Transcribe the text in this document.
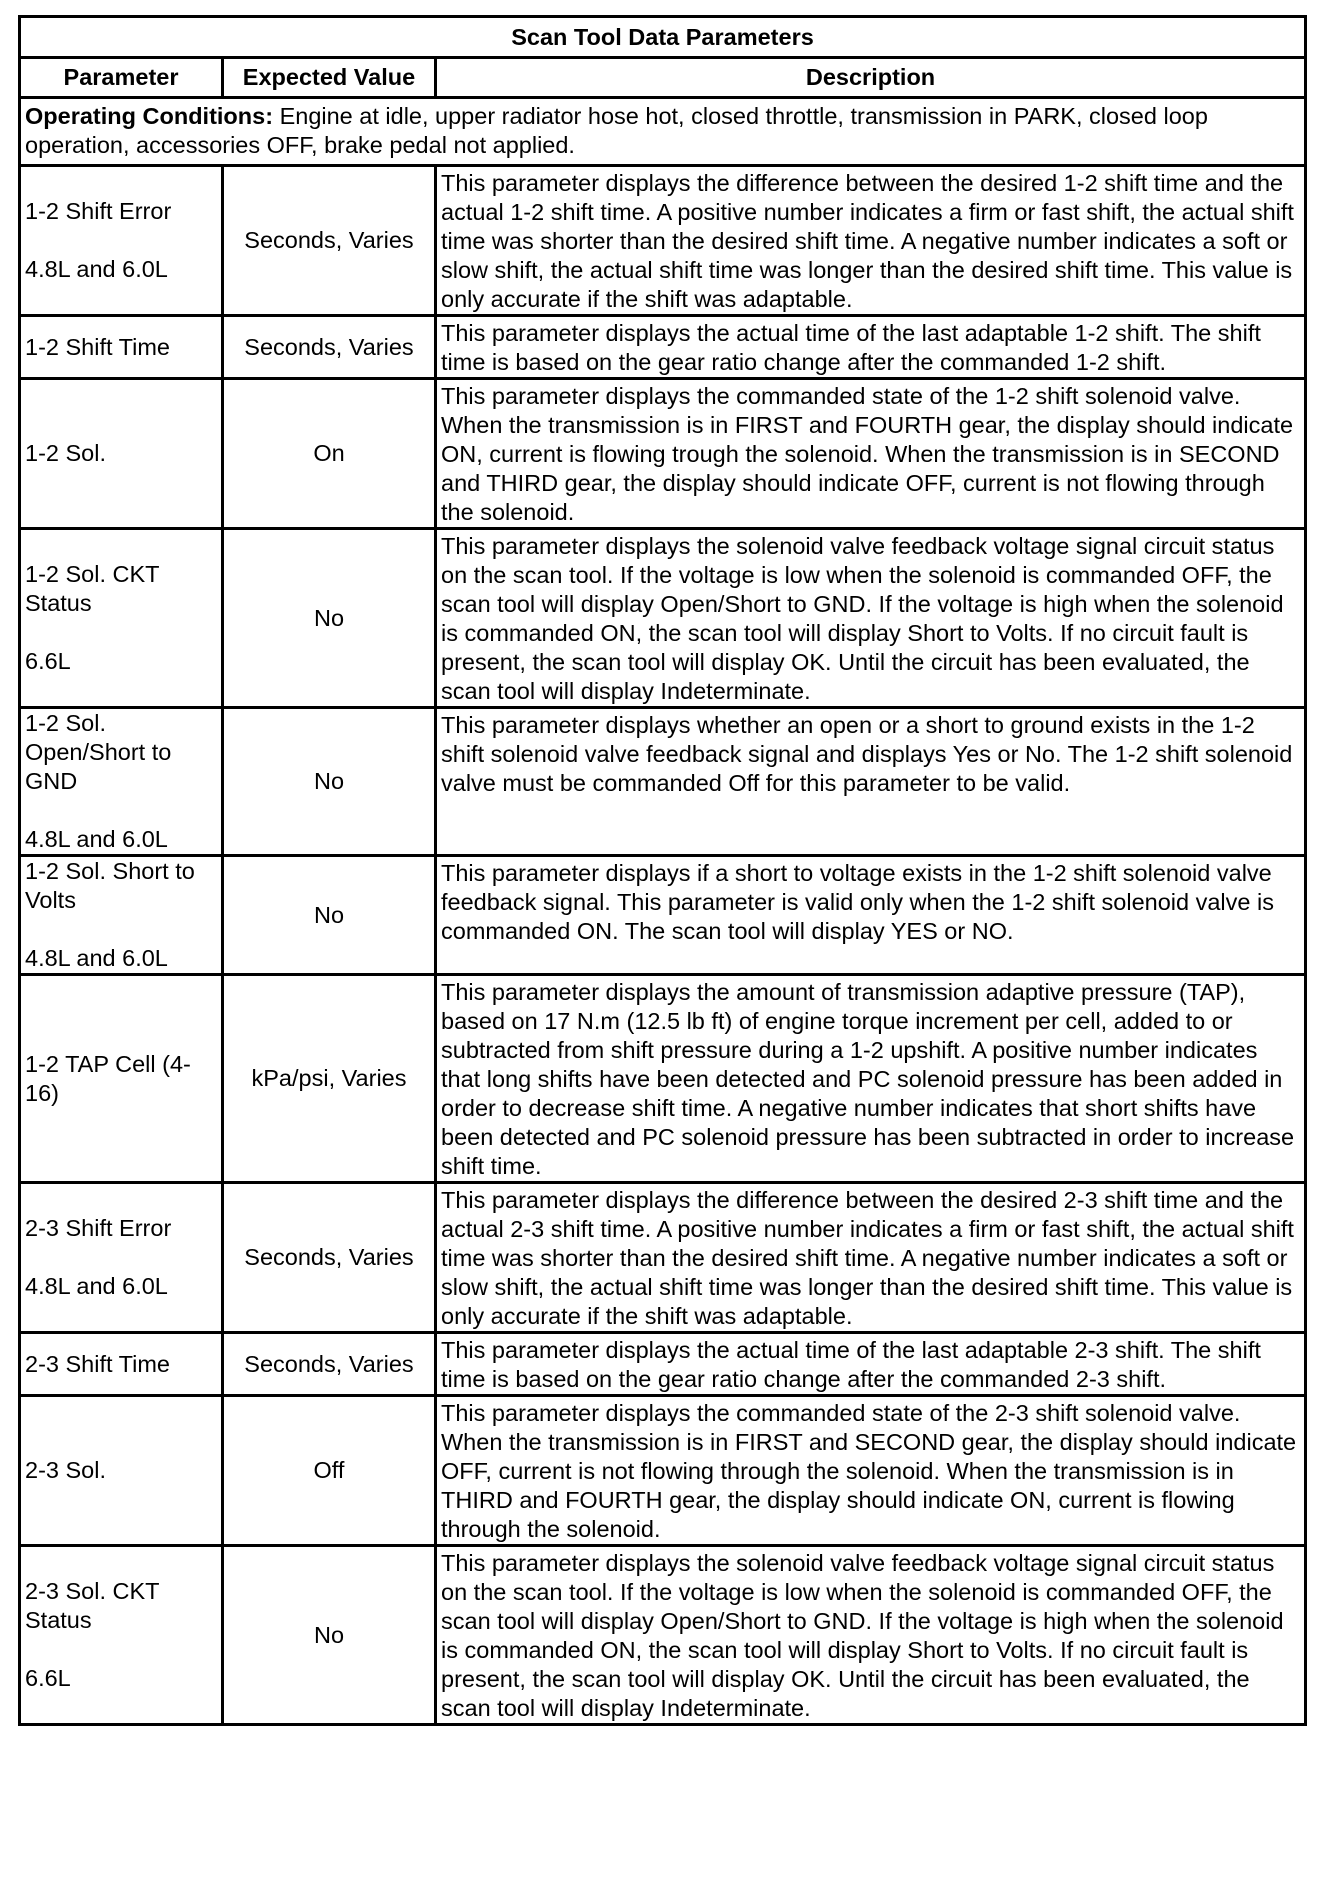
Scan Tool Data Parameters		
Parameter	Expected Value	Description
Operating Conditions: Engine at idle, upper radiator hose hot, closed throttle, transmission in PARK, closed loop operation, accessories OFF, brake pedal not applied.		

1-2 Shift Error
4.8L and 6.0L	Seconds, Varies	This parameter displays the difference between the desired 1-2 shift time and the actual 1-2 shift time. A positive number indicates a firm or fast shift, the actual shift time was shorter than the desired shift time. A negative number indicates a soft or slow shift, the actual shift time was longer than the desired shift time. This value is only accurate if the shift was adaptable.

1-2 Shift Time	Seconds, Varies	This parameter displays the actual time of the last adaptable 1-2 shift. The shift time is based on the gear ratio change after the commanded 1-2 shift.

1-2 Sol.	On	This parameter displays the commanded state of the 1-2 shift solenoid valve. When the transmission is in FIRST and FOURTH gear, the display should indicate ON, current is flowing trough the solenoid. When the transmission is in SECOND and THIRD gear, the display should indicate OFF, current is not flowing through the solenoid.

1-2 Sol. CKT Status
6.6L	No	This parameter displays the solenoid valve feedback voltage signal circuit status on the scan tool. If the voltage is low when the solenoid is commanded OFF, the scan tool will display Open/Short to GND. If the voltage is high when the solenoid is commanded ON, the scan tool will display Short to Volts. If no circuit fault is present, the scan tool will display OK. Until the circuit has been evaluated, the scan tool will display Indeterminate.

1-2 Sol. Open/Short to GND
4.8L and 6.0L	No	This parameter displays whether an open or a short to ground exists in the 1-2 shift solenoid valve feedback signal and displays Yes or No. The 1-2 shift solenoid valve must be commanded Off for this parameter to be valid.

1-2 Sol. Short to Volts
4.8L and 6.0L	No	This parameter displays if a short to voltage exists in the 1-2 shift solenoid valve feedback signal. This parameter is valid only when the 1-2 shift solenoid valve is commanded ON. The scan tool will display YES or NO.

1-2 TAP Cell (4-16)	kPa/psi, Varies	This parameter displays the amount of transmission adaptive pressure (TAP), based on 17 N.m (12.5 lb ft) of engine torque increment per cell, added to or subtracted from shift pressure during a 1-2 upshift. A positive number indicates that long shifts have been detected and PC solenoid pressure has been added in order to decrease shift time. A negative number indicates that short shifts have been detected and PC solenoid pressure has been subtracted in order to increase shift time.

2-3 Shift Error
4.8L and 6.0L	Seconds, Varies	This parameter displays the difference between the desired 2-3 shift time and the actual 2-3 shift time. A positive number indicates a firm or fast shift, the actual shift time was shorter than the desired shift time. A negative number indicates a soft or slow shift, the actual shift time was longer than the desired shift time. This value is only accurate if the shift was adaptable.

2-3 Shift Time	Seconds, Varies	This parameter displays the actual time of the last adaptable 2-3 shift. The shift time is based on the gear ratio change after the commanded 2-3 shift.

2-3 Sol.	Off	This parameter displays the commanded state of the 2-3 shift solenoid valve. When the transmission is in FIRST and SECOND gear, the display should indicate OFF, current is not flowing through the solenoid. When the transmission is in THIRD and FOURTH gear, the display should indicate ON, current is flowing through the solenoid.

2-3 Sol. CKT Status
6.6L	No	This parameter displays the solenoid valve feedback voltage signal circuit status on the scan tool. If the voltage is low when the solenoid is commanded OFF, the scan tool will display Open/Short to GND. If the voltage is high when the solenoid is commanded ON, the scan tool will display Short to Volts. If no circuit fault is present, the scan tool will display OK. Until the circuit has been evaluated, the scan tool will display Indeterminate.
